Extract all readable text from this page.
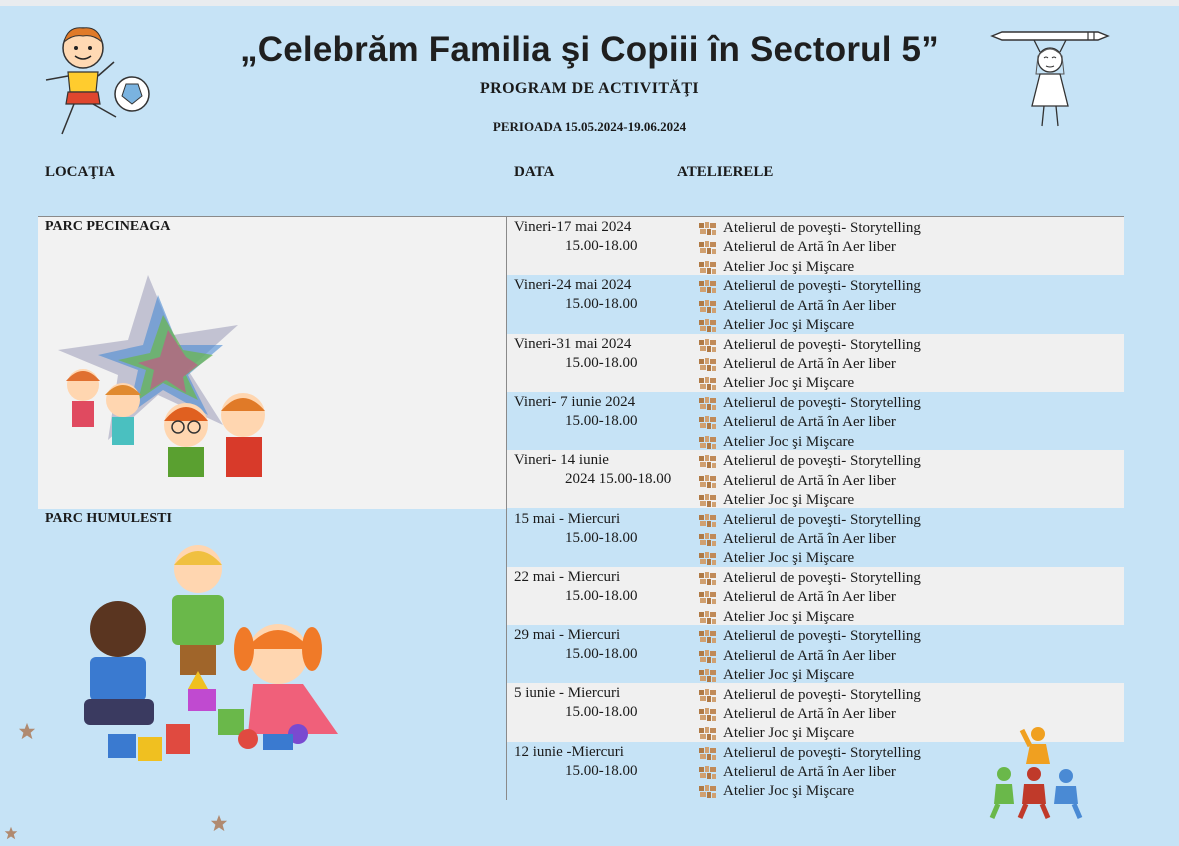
„Celebrăm Familia şi Copiii în Sectorul 5”
PROGRAM DE ACTIVITĂŢI
PERIOADA 15.05.2024-19.06.2024
LOCAŢIA	DATA	ATELIERELE
PARC PECINEAGA
PARC HUMULESTI
Vineri-17 mai 2024
15.00-18.00
Atelierul de poveşti- Storytelling
Atelierul de Artă în Aer liber
Atelier Joc şi Mişcare
Vineri-24 mai 2024
15.00-18.00
Atelierul de poveşti- Storytelling
Atelierul de Artă în Aer liber
Atelier Joc şi Mişcare
Vineri-31 mai 2024
15.00-18.00
Atelierul de poveşti- Storytelling
Atelierul de Artă în Aer liber
Atelier Joc şi Mişcare
Vineri- 7 iunie 2024
15.00-18.00
Atelierul de poveşti- Storytelling
Atelierul de Artă în Aer liber
Atelier Joc şi Mişcare
Vineri- 14 iunie
2024 15.00-18.00
Atelierul de poveşti- Storytelling
Atelierul de Artă în Aer liber
Atelier Joc şi Mişcare
15 mai - Miercuri
15.00-18.00
Atelierul de poveşti- Storytelling
Atelierul de Artă în Aer liber
Atelier Joc şi Mişcare
22 mai - Miercuri
15.00-18.00
Atelierul de poveşti- Storytelling
Atelierul de Artă în Aer liber
Atelier Joc şi Mişcare
29 mai - Miercuri
15.00-18.00
Atelierul de poveşti- Storytelling
Atelierul de Artă în Aer liber
Atelier Joc şi Mişcare
5 iunie - Miercuri
15.00-18.00
Atelierul de poveşti- Storytelling
Atelierul de Artă în Aer liber
Atelier Joc şi Mişcare
12 iunie -Miercuri
15.00-18.00
Atelierul de poveşti- Storytelling
Atelierul de Artă în Aer liber
Atelier Joc şi Mişcare
